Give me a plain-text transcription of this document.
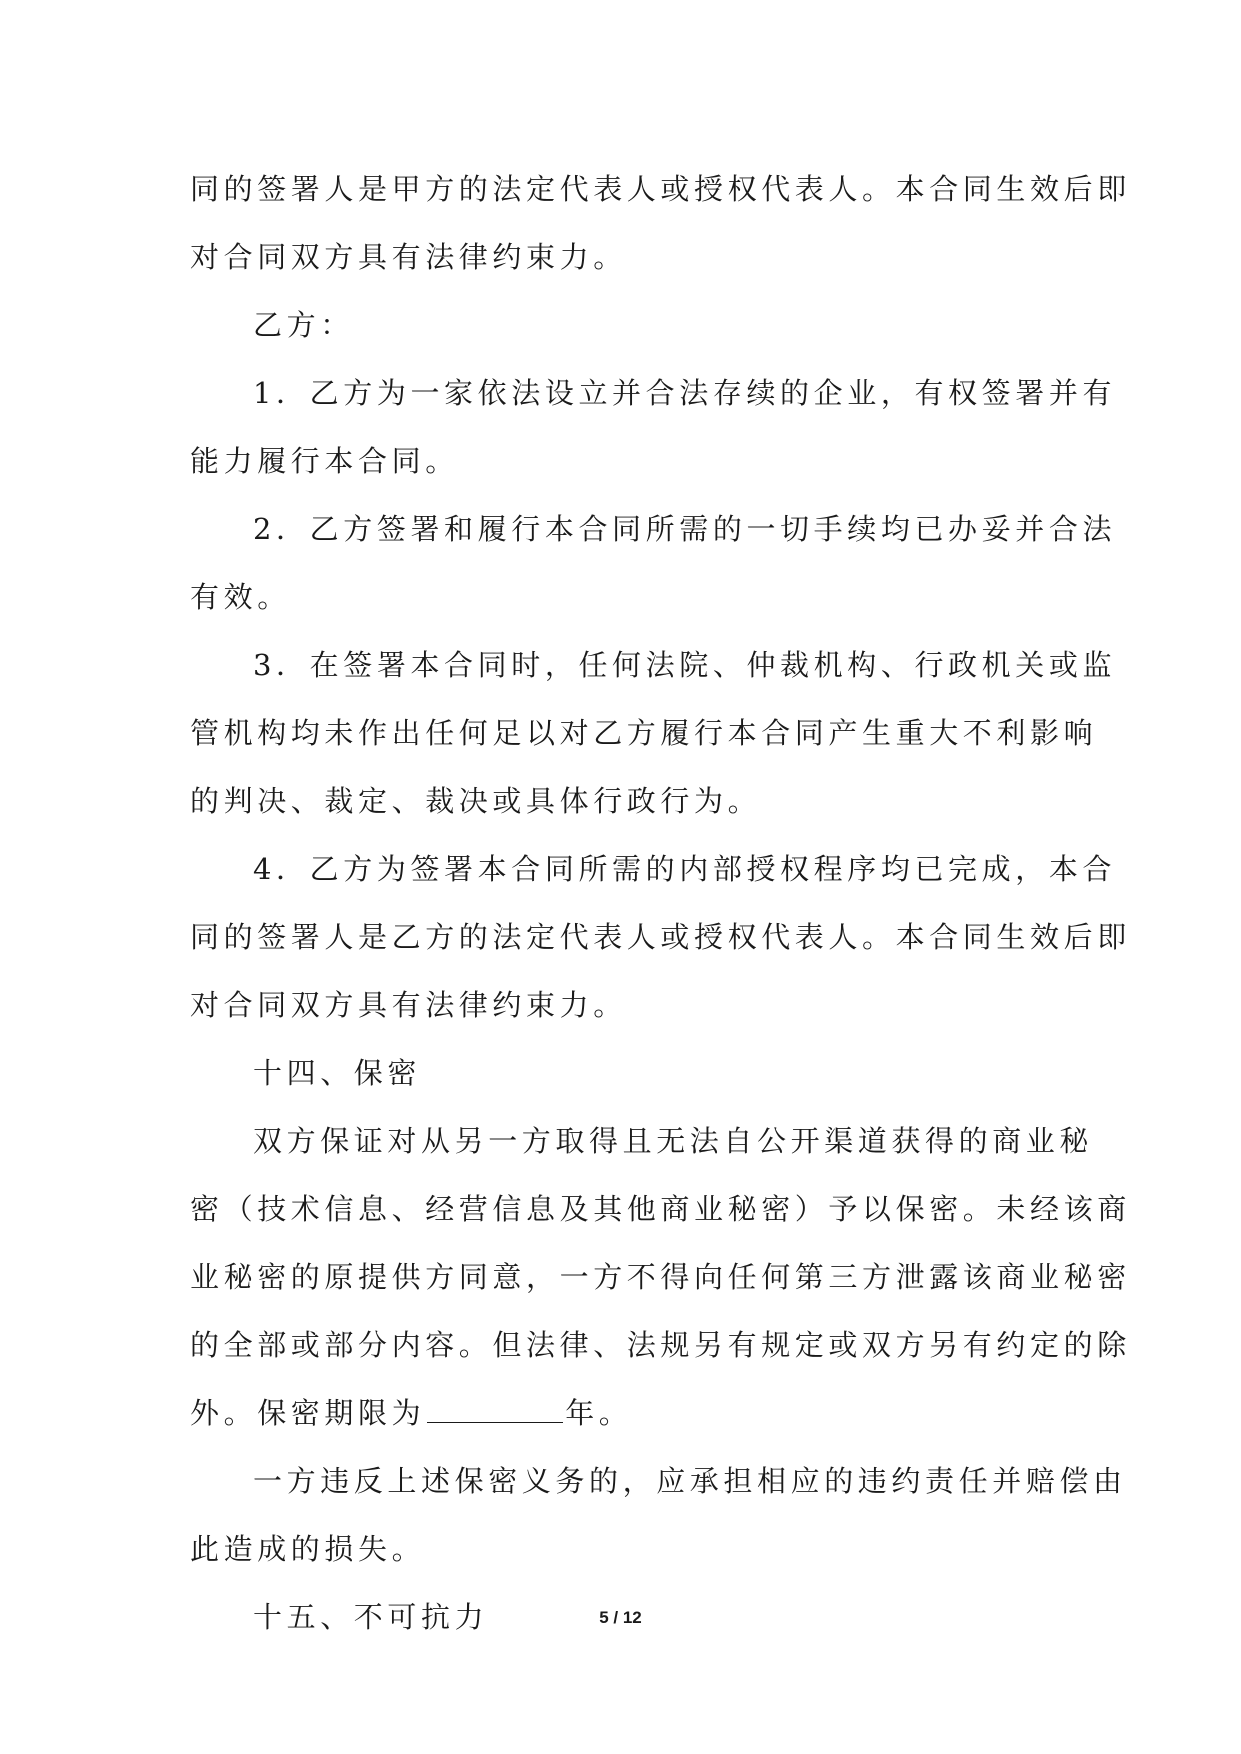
同的签署人是甲方的法定代表人或授权代表人。本合同生效后即
对合同双方具有法律约束力。
乙方：
1．乙方为一家依法设立并合法存续的企业，有权签署并有
能力履行本合同。
2．乙方签署和履行本合同所需的一切手续均已办妥并合法
有效。
3．在签署本合同时，任何法院、仲裁机构、行政机关或监
管机构均未作出任何足以对乙方履行本合同产生重大不利影响
的判决、裁定、裁决或具体行政行为。
4．乙方为签署本合同所需的内部授权程序均已完成，本合
同的签署人是乙方的法定代表人或授权代表人。本合同生效后即
对合同双方具有法律约束力。
十四、保密
双方保证对从另一方取得且无法自公开渠道获得的商业秘
密（技术信息、经营信息及其他商业秘密）予以保密。未经该商
业秘密的原提供方同意，一方不得向任何第三方泄露该商业秘密
的全部或部分内容。但法律、法规另有规定或双方另有约定的除
外。保密期限为	年。
一方违反上述保密义务的，应承担相应的违约责任并赔偿由
此造成的损失。
十五、不可抗力	5 / 12
